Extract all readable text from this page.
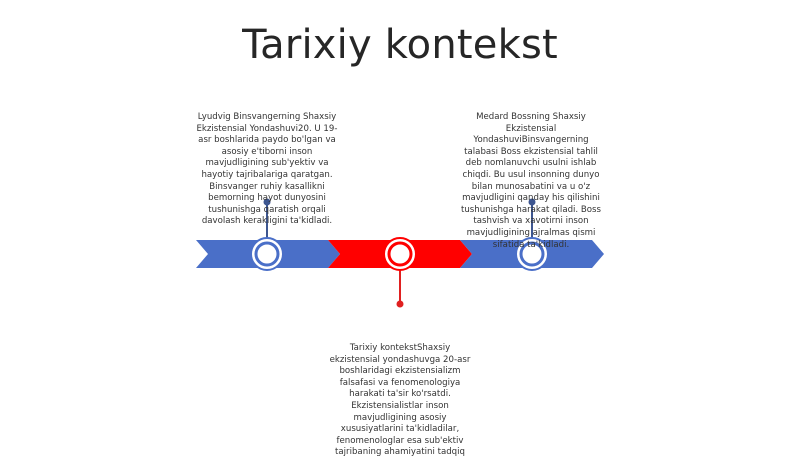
Tarixiy kontekst
Lyudvig Binsvangerning Shaxsiy Ekzistensial Yondashuvi20. U 19-asr boshlarida paydo bo'lgan va asosiy e'tiborni inson mavjudligining sub'yektiv va hayotiy tajribalariga qaratgan. Binsvanger ruhiy kasallikni bemorning hayot dunyosini tushunishga qaratish orqali davolash kerakligini ta'kidladi.
Medard Bossning Shaxsiy Ekzistensial YondashuviBinsvangerning talabasi Boss ekzistensial tahlil deb nomlanuvchi usulni ishlab chiqdi. Bu usul insonning dunyo bilan munosabatini va u o'z mavjudligini qanday his qilishini tushunishga harakat qiladi. Boss tashvish va xavotirni inson mavjudligining ajralmas qismi sifatida ta'kidladi.
Tarixiy kontekstShaxsiy ekzistensial yondashuvga 20-asr boshlaridagi ekzistensializm falsafasi va fenomenologiya harakati ta'sir ko'rsatdi. Ekzistensialistlar inson mavjudligining asosiy xususiyatlarini ta'kidladilar, fenomenologlar esa sub'ektiv tajribaning ahamiyatini tadqiq
